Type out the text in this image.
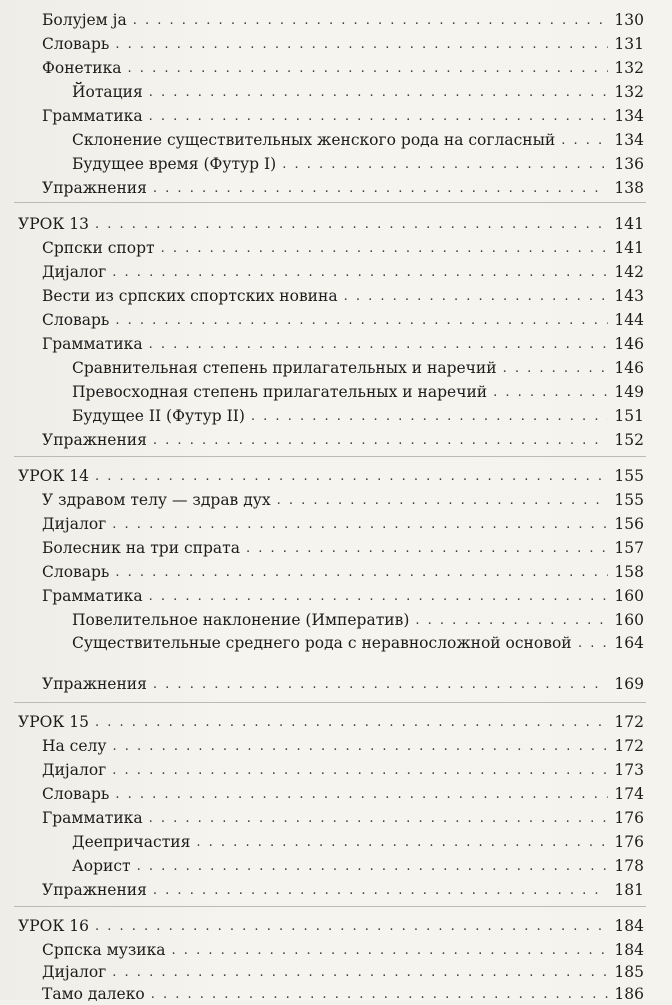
Болујем ја . . .	130
Словарь . . .	131
Фонетика . . .	132
Йотация . . .	132
Грамматика . . .	134
Склонение существительных женского рода на согласный . . .	134
Будущее время (Футур I) . . .	136
Упражнения . . .	138
УРОК 13 . . .	141
Српски спорт . . .	141
Дијалог . . .	142
Вести из српских спортских новина . . .	143
Словарь . . .	144
Грамматика . . .	146
Сравнительная степень прилагательных и наречий . . .	146
Превосходная степень прилагательных и наречий . . .	149
Будущее II (Футур II) . . .	151
Упражнения . . .	152
УРОК 14 . . .	155
У здравом телу — здрав дух . . .	155
Дијалог . . .	156
Болесник на три спрата . . .	157
Словарь . . .	158
Грамматика . . .	160
Повелительное наклонение (Императив) . . .	160
Существительные среднего рода с неравносложной основой . . .	164
Упражнения . . .	169
УРОК 15 . . .	172
На селу . . .	172
Дијалог . . .	173
Словарь . . .	174
Грамматика . . .	176
Деепричастия . . .	176
Аорист . . .	178
Упражнения . . .	181
УРОК 16 . . .	184
Српска музика . . .	184
Дијалог . . .	185
Тамо далеко . . .	186
